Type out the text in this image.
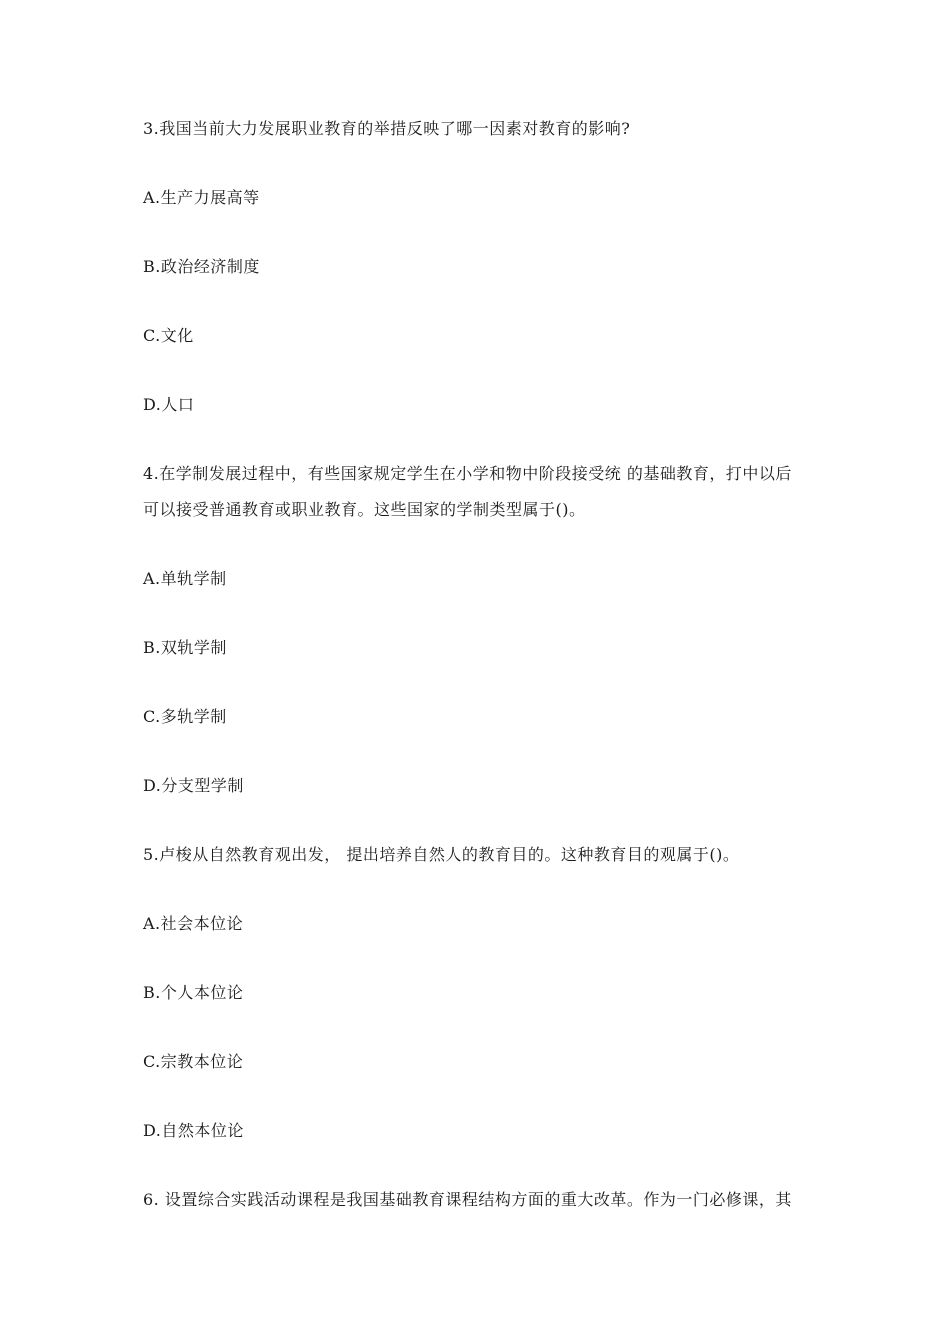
3.我国当前大力发展职业教育的举措反映了哪一因素对教育的影响?
A.生产力展高等
B.政治经济制度
C.文化
D.人口
4.在学制发展过程中，有些国家规定学生在小学和物中阶段接受统 的基础教育，打中以后
可以接受普通教育或职业教育。这些国家的学制类型属于()。
A.单轨学制
B.双轨学制
C.多轨学制
D.分支型学制
5.卢梭从自然教育观出发， 提出培养自然人的教育目的。这种教育目的观属于()。
A.社会本位论
B.个人本位论
C.宗教本位论
D.自然本位论
6. 设置综合实践活动课程是我国基础教育课程结构方面的重大改革。作为一门必修课，其
